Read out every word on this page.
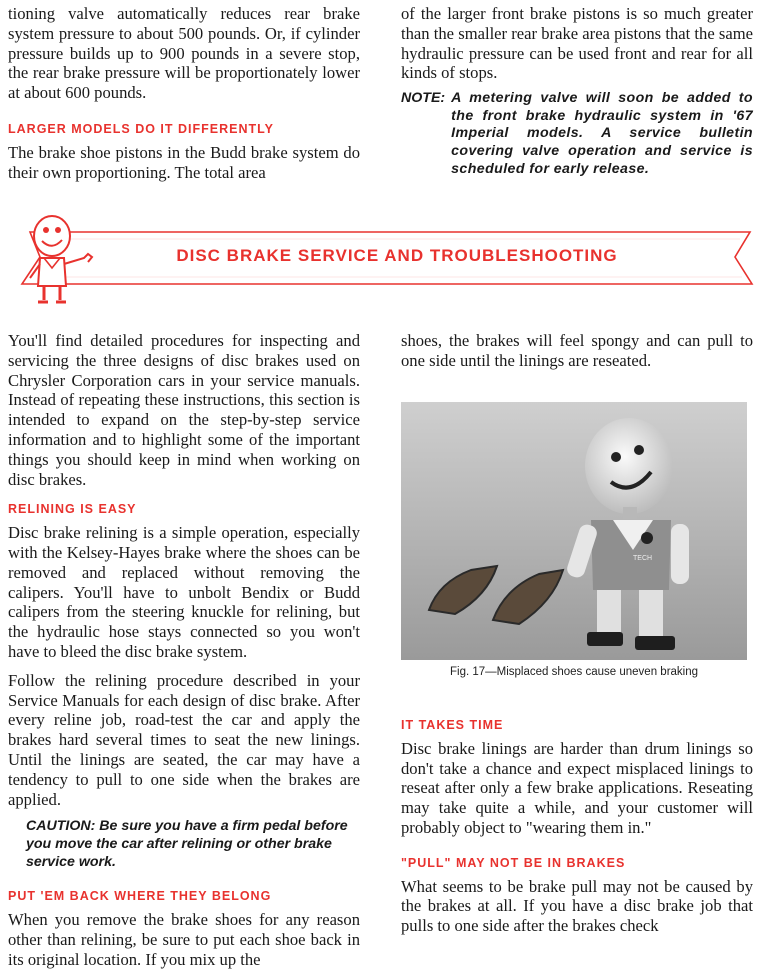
tioning valve automatically reduces rear brake system pressure to about 500 pounds. Or, if cylinder pressure builds up to 900 pounds in a severe stop, the rear brake pressure will be proportionately lower at about 600 pounds.

LARGER MODELS DO IT DIFFERENTLY

The brake shoe pistons in the Budd brake system do their own proportioning. The total area

of the larger front brake pistons is so much greater than the smaller rear brake area pistons that the same hydraulic pressure can be used front and rear for all kinds of stops.

NOTE: A metering valve will soon be added to the front brake hydraulic system in '67 Imperial models. A service bulletin covering valve operation and service is scheduled for early release.
DISC BRAKE SERVICE AND TROUBLESHOOTING

You'll find detailed procedures for inspecting and servicing the three designs of disc brakes used on Chrysler Corporation cars in your service manuals. Instead of repeating these instructions, this section is intended to expand on the step-by-step service information and to highlight some of the important things you should keep in mind when working on disc brakes.

RELINING IS EASY

Disc brake relining is a simple operation, especially with the Kelsey-Hayes brake where the shoes can be removed and replaced without removing the calipers. You'll have to unbolt Bendix or Budd calipers from the steering knuckle for relining, but the hydraulic hose stays connected so you won't have to bleed the disc brake system.

Follow the relining procedure described in your Service Manuals for each design of disc brake. After every reline job, road-test the car and apply the brakes hard several times to seat the new linings. Until the linings are seated, the car may have a tendency to pull to one side when the brakes are applied.

CAUTION: Be sure you have a firm pedal before you move the car after relining or other brake service work.
PUT 'EM BACK WHERE THEY BELONG

When you remove the brake shoes for any reason other than relining, be sure to put each shoe back in its original location. If you mix up the

shoes, the brakes will feel spongy and can pull to one side until the linings are reseated.

TECH
Fig. 17—Misplaced shoes cause uneven braking
IT TAKES TIME

Disc brake linings are harder than drum linings so don't take a chance and expect misplaced linings to reseat after only a few brake applications. Reseating may take quite a while, and your customer will probably object to "wearing them in."

"PULL" MAY NOT BE IN BRAKES

What seems to be brake pull may not be caused by the brakes at all. If you have a disc brake job that pulls to one side after the brakes check
